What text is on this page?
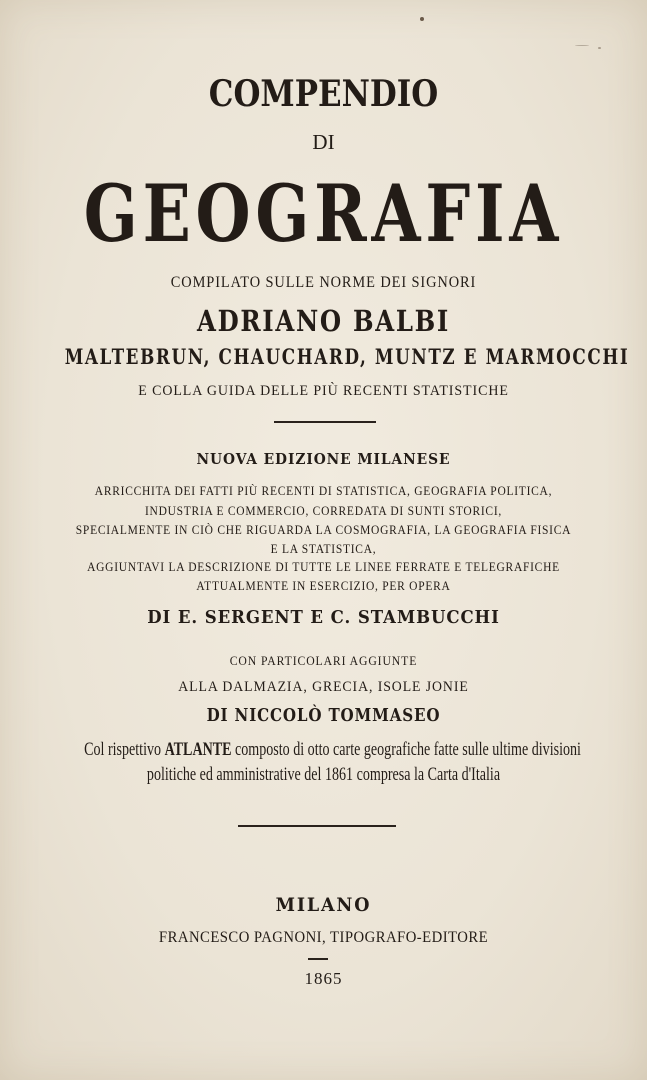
COMPENDIO
DI
GEOGRAFIA
COMPILATO SULLE NORME DEI SIGNORI
ADRIANO BALBI
MALTEBRUN, CHAUCHARD, MUNTZ E MARMOCCHI
E COLLA GUIDA DELLE PIÙ RECENTI STATISTICHE
NUOVA EDIZIONE MILANESE
ARRICCHITA DEI FATTI PIÙ RECENTI DI STATISTICA, GEOGRAFIA POLITICA,
INDUSTRIA E COMMERCIO, CORREDATA DI SUNTI STORICI,
SPECIALMENTE IN CIÒ CHE RIGUARDA LA COSMOGRAFIA, LA GEOGRAFIA FISICA
E LA STATISTICA,
AGGIUNTAVI LA DESCRIZIONE DI TUTTE LE LINEE FERRATE E TELEGRAFICHE
ATTUALMENTE IN ESERCIZIO, PER OPERA
DI E. SERGENT E C. STAMBUCCHI
CON PARTICOLARI AGGIUNTE
ALLA DALMAZIA, GRECIA, ISOLE JONIE
DI NICCOLÒ TOMMASEO
Col rispettivo ATLANTE composto di otto carte geografiche fatte sulle ultime divisioni
politiche ed amministrative del 1861 compresa la Carta d'Italia
MILANO
FRANCESCO PAGNONI, TIPOGRAFO-EDITORE
1865
